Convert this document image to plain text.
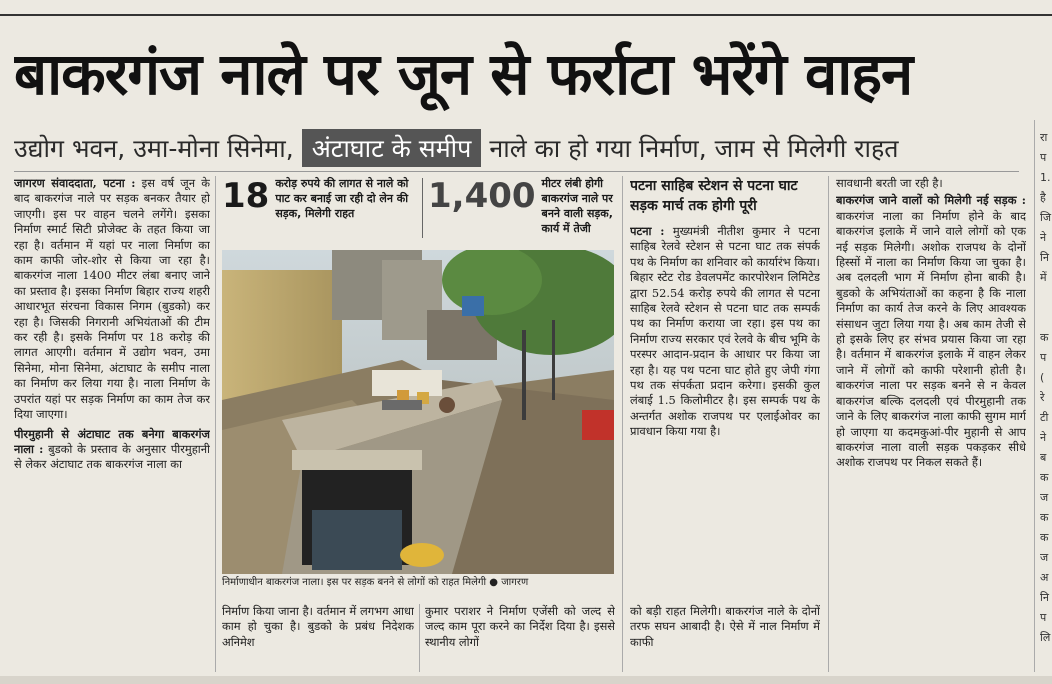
बाकरगंज नाले पर जून से फर्राटा भरेंगे वाहन
उद्योग भवन, उमा-मोना सिनेमा, अंटाघाट के समीप नाले का हो गया निर्माण, जाम से मिलेगी राहत

जागरण संवाददाता, पटना : इस वर्ष जून के बाद बाकरगंज नाले पर सड़क बनकर तैयार हो जाएगी। इस पर वाहन चलने लगेंगे। इसका निर्माण स्मार्ट सिटी प्रोजेक्ट के तहत किया जा रहा है। वर्तमान में यहां पर नाला निर्माण का काम काफी जोर-शोर से किया जा रहा है। बाकरगंज नाला 1400 मीटर लंबा बनाए जाने का प्रस्ताव है। इसका निर्माण बिहार राज्य शहरी आधारभूत संरचना विकास निगम (बुडको) कर रहा है। जिसकी निगरानी अभियंताओं की टीम कर रही है। इसके निर्माण पर 18 करोड़ की लागत आएगी। वर्तमान में उद्योग भवन, उमा सिनेमा, मोना सिनेमा, अंटाघाट के समीप नाला का निर्माण कर लिया गया है। नाला निर्माण के उपरांत यहां पर सड़क निर्माण का काम तेज कर दिया जाएगा।

पीरमुहानी से अंटाघाट तक बनेगा बाकरगंज नाला : बुडको के प्रस्ताव के अनुसार पीरमुहानी से लेकर अंटाघाट तक बाकरगंज नाला का

18 करोड़ रुपये की लागत से नाले को पाट कर बनाई जा रही दो लेन की सड़क, मिलेगी राहत	1,400 मीटर लंबी होगी बाकरगंज नाले पर बनने वाली सड़क, कार्य में तेजी
निर्माणाधीन बाकरगंज नाला। इस पर सड़क बनने से लोगों को राहत मिलेगी ● जागरण
निर्माण किया जाना है। वर्तमान में लगभग आधा काम हो चुका है। बुडको के प्रबंध निदेशक अनिमेश
कुमार पराशर ने निर्माण एजेंसी को जल्द से जल्द काम पूरा करने का निर्देश दिया है। इससे स्थानीय लोगों
को बड़ी राहत मिलेगी। बाकरगंज नाले के दोनों तरफ सघन आबादी है। ऐसे में नाल निर्माण में काफी
पटना साहिब स्टेशन से पटना घाट सड़क मार्च तक होगी पूरी
पटना : मुख्यमंत्री नीतीश कुमार ने पटना साहिब रेलवे स्टेशन से पटना घाट तक संपर्क पथ के निर्माण का शनिवार को कार्यारंभ किया। बिहार स्टेट रोड डेवलपमेंट कारपोरेशन लिमिटेड द्वारा 52.54 करोड़ रुपये की लागत से पटना साहिब रेलवे स्टेशन से पटना घाट तक सम्पर्क पथ का निर्माण कराया जा रहा। इस पथ का निर्माण राज्य सरकार एवं रेलवे के बीच भूमि के परस्पर आदान-प्रदान के आधार पर किया जा रहा है। यह पथ पटना घाट होते हुए जेपी गंगा पथ तक संपर्कता प्रदान करेगा। इसकी कुल लंबाई 1.5 किलोमीटर है। इस सम्पर्क पथ के अन्तर्गत अशोक राजपथ पर एलाईओवर का प्रावधान किया गया है।

सावधानी बरती जा रही है।

बाकरगंज जाने वालों को मिलेगी नई सड़क : बाकरगंज नाला का निर्माण होने के बाद बाकरगंज इलाके में जाने वाले लोगों को एक नई सड़क मिलेगी। अशोक राजपथ के दोनों हिस्सों में नाला का निर्माण किया जा चुका है। अब दलदली भाग में निर्माण होना बाकी है। बुडको के अभियंताओं का कहना है कि नाला निर्माण का कार्य तेज करने के लिए आवश्यक संसाधन जुटा लिया गया है। अब काम तेजी से हो इसके लिए हर संभव प्रयास किया जा रहा है। वर्तमान में बाकरगंज इलाके में वाहन लेकर जाने में लोगों को काफी परेशानी होती है। बाकरगंज नाला पर सड़क बनने से न केवल बाकरगंज बल्कि दलदली एवं पीरमुहानी तक जाने के लिए बाकरगंज नाला काफी सुगम मार्ग हो जाएगा या कदमकुआं-पीर मुहानी से आप बाकरगंज नाला वाली सड़क पकड़कर सीधे अशोक राजपथ पर निकल सकते हैं।

रा
प
1.
है
जि
ने
नि
में
क
प
(
रे
टी
ने
ब
क
ज
क
क
ज
अ
नि
प
लि
